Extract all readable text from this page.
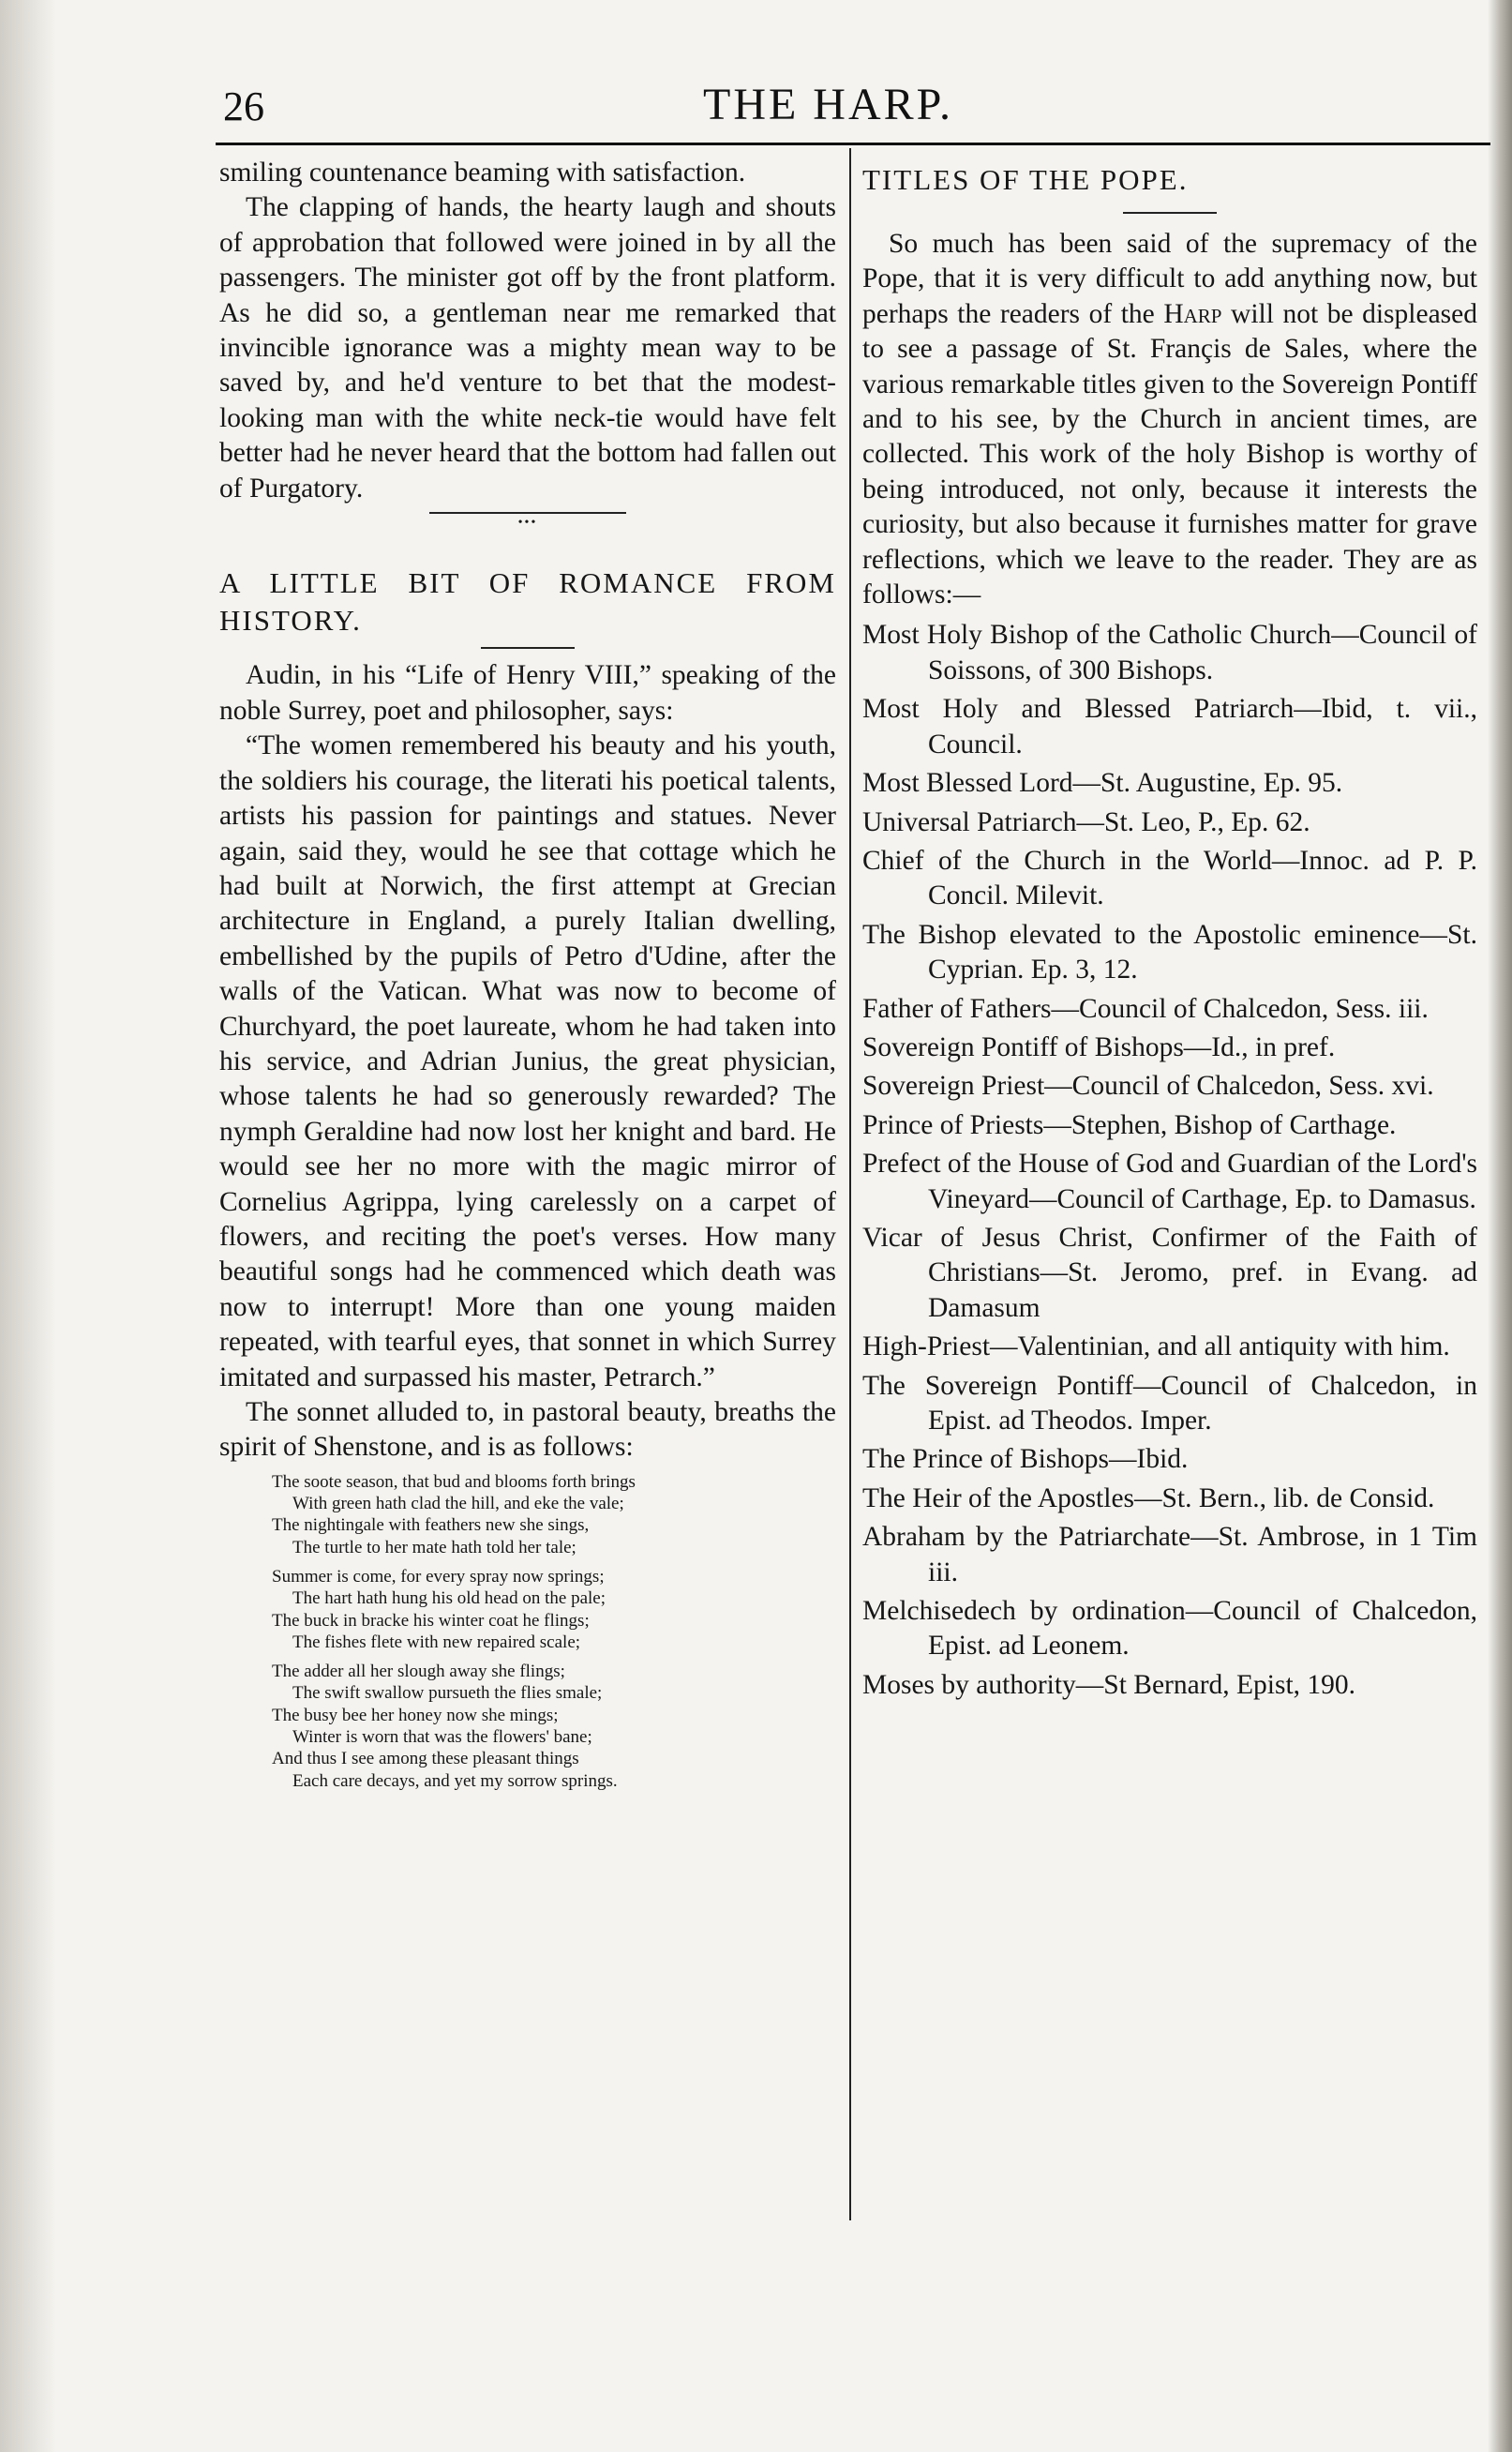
26	THE HARP.

smiling countenance beaming with satisfaction.

The clapping of hands, the hearty laugh and shouts of approbation that followed were joined in by all the passengers. The minister got off by the front platform. As he did so, a gentleman near me remarked that invincible ignorance was a mighty mean way to be saved by, and he'd venture to bet that the modest-looking man with the white neck-tie would have felt better had he never heard that the bottom had fallen out of Purgatory.

•••

A LITTLE BIT OF ROMANCE FROM HISTORY.

Audin, in his “Life of Henry VIII,” speaking of the noble Surrey, poet and philosopher, says:

“The women remembered his beauty and his youth, the soldiers his courage, the literati his poetical talents, artists his passion for paintings and statues. Never again, said they, would he see that cottage which he had built at Norwich, the first attempt at Grecian architecture in England, a purely Italian dwelling, embellished by the pupils of Petro d'Udine, after the walls of the Vatican. What was now to become of Churchyard, the poet laureate, whom he had taken into his service, and Adrian Junius, the great physician, whose talents he had so generously rewarded? The nymph Geraldine had now lost her knight and bard. He would see her no more with the magic mirror of Cornelius Agrippa, lying carelessly on a carpet of flowers, and reciting the poet's verses. How many beautiful songs had he commenced which death was now to interrupt! More than one young maiden repeated, with tearful eyes, that sonnet in which Surrey imitated and surpassed his master, Petrarch.”

The sonnet alluded to, in pastoral beauty, breaths the spirit of Shenstone, and is as follows:

The soote season, that bud and blooms forth brings
With green hath clad the hill, and eke the vale;
The nightingale with feathers new she sings,
The turtle to her mate hath told her tale;
Summer is come, for every spray now springs;
The hart hath hung his old head on the pale;
The buck in bracke his winter coat he flings;
The fishes flete with new repaired scale;
The adder all her slough away she flings;
The swift swallow pursueth the flies smale;
The busy bee her honey now she mings;
Winter is worn that was the flowers' bane;
And thus I see among these pleasant things
Each care decays, and yet my sorrow springs.

TITLES OF THE POPE.

So much has been said of the supremacy of the Pope, that it is very difficult to add anything now, but perhaps the readers of the Harp will not be displeased to see a passage of St. Françis de Sales, where the various remarkable titles given to the Sovereign Pontiff and to his see, by the Church in ancient times, are collected. This work of the holy Bishop is worthy of being introduced, not only, because it interests the curiosity, but also because it furnishes matter for grave reflections, which we leave to the reader. They are as follows:—

Most Holy Bishop of the Catholic Church—Council of Soissons, of 300 Bishops.

Most Holy and Blessed Patriarch—Ibid, t. vii., Council.

Most Blessed Lord—St. Augustine, Ep. 95.

Universal Patriarch—St. Leo, P., Ep. 62.

Chief of the Church in the World—Innoc. ad P. P. Concil. Milevit.

The Bishop elevated to the Apostolic eminence—St. Cyprian. Ep. 3, 12.

Father of Fathers—Council of Chalcedon, Sess. iii.

Sovereign Pontiff of Bishops—Id., in pref.

Sovereign Priest—Council of Chalcedon, Sess. xvi.

Prince of Priests—Stephen, Bishop of Carthage.

Prefect of the House of God and Guardian of the Lord's Vineyard—Council of Carthage, Ep. to Damasus.

Vicar of Jesus Christ, Confirmer of the Faith of Christians—St. Jeromo, pref. in Evang. ad Damasum

High-Priest—Valentinian, and all antiquity with him.

The Sovereign Pontiff—Council of Chalcedon, in Epist. ad Theodos. Imper.

The Prince of Bishops—Ibid.

The Heir of the Apostles—St. Bern., lib. de Consid.

Abraham by the Patriarchate—St. Ambrose, in 1 Tim iii.

Melchisedech by ordination—Council of Chalcedon, Epist. ad Leonem.

Moses by authority—St Bernard, Epist, 190.
